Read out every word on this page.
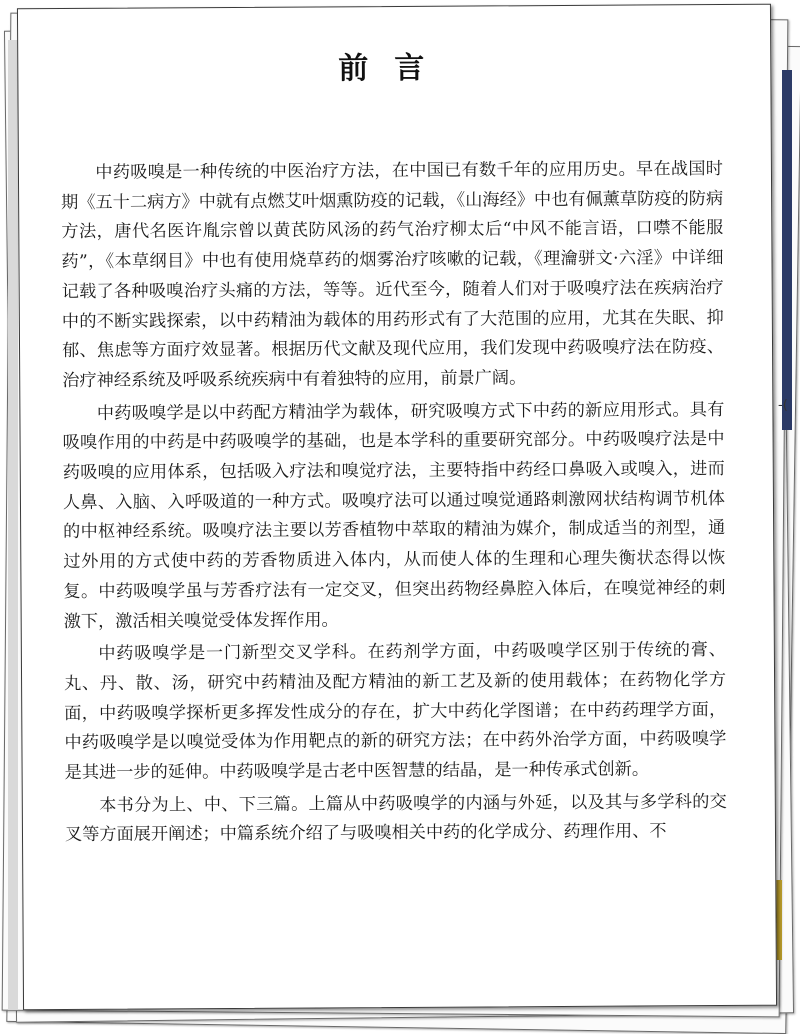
-(
前言

中药吸嗅是一种传统的中医治疗方法，在中国已有数千年的应用历史。早在战国时期《五十二病方》中就有点燃艾叶烟熏防疫的记载，《山海经》中也有佩薰草防疫的防病方法，唐代名医许胤宗曾以黄芪防风汤的药气治疗柳太后“中风不能言语，口噤不能服药”，《本草纲目》中也有使用烧草药的烟雾治疗咳嗽的记载，《理瀹骈文·六淫》中详细记载了各种吸嗅治疗头痛的方法，等等。近代至今，随着人们对于吸嗅疗法在疾病治疗中的不断实践探索，以中药精油为载体的用药形式有了大范围的应用，尤其在失眠、抑郁、焦虑等方面疗效显著。根据历代文献及现代应用，我们发现中药吸嗅疗法在防疫、治疗神经系统及呼吸系统疾病中有着独特的应用，前景广阔。

中药吸嗅学是以中药配方精油学为载体，研究吸嗅方式下中药的新应用形式。具有吸嗅作用的中药是中药吸嗅学的基础，也是本学科的重要研究部分。中药吸嗅疗法是中药吸嗅的应用体系，包括吸入疗法和嗅觉疗法，主要特指中药经口鼻吸入或嗅入，进而人鼻、入脑、入呼吸道的一种方式。吸嗅疗法可以通过嗅觉通路刺激网状结构调节机体的中枢神经系统。吸嗅疗法主要以芳香植物中萃取的精油为媒介，制成适当的剂型，通过外用的方式使中药的芳香物质进入体内，从而使人体的生理和心理失衡状态得以恢复。中药吸嗅学虽与芳香疗法有一定交叉，但突出药物经鼻腔入体后，在嗅觉神经的刺激下，激活相关嗅觉受体发挥作用。

中药吸嗅学是一门新型交叉学科。在药剂学方面，中药吸嗅学区别于传统的膏、丸、丹、散、汤，研究中药精油及配方精油的新工艺及新的使用载体；在药物化学方面，中药吸嗅学探析更多挥发性成分的存在，扩大中药化学图谱；在中药药理学方面，中药吸嗅学是以嗅觉受体为作用靶点的新的研究方法；在中药外治学方面，中药吸嗅学是其进一步的延伸。中药吸嗅学是古老中医智慧的结晶，是一种传承式创新。

本书分为上、中、下三篇。上篇从中药吸嗅学的内涵与外延，以及其与多学科的交叉等方面展开阐述；中篇系统介绍了与吸嗅相关中药的化学成分、药理作用、不
